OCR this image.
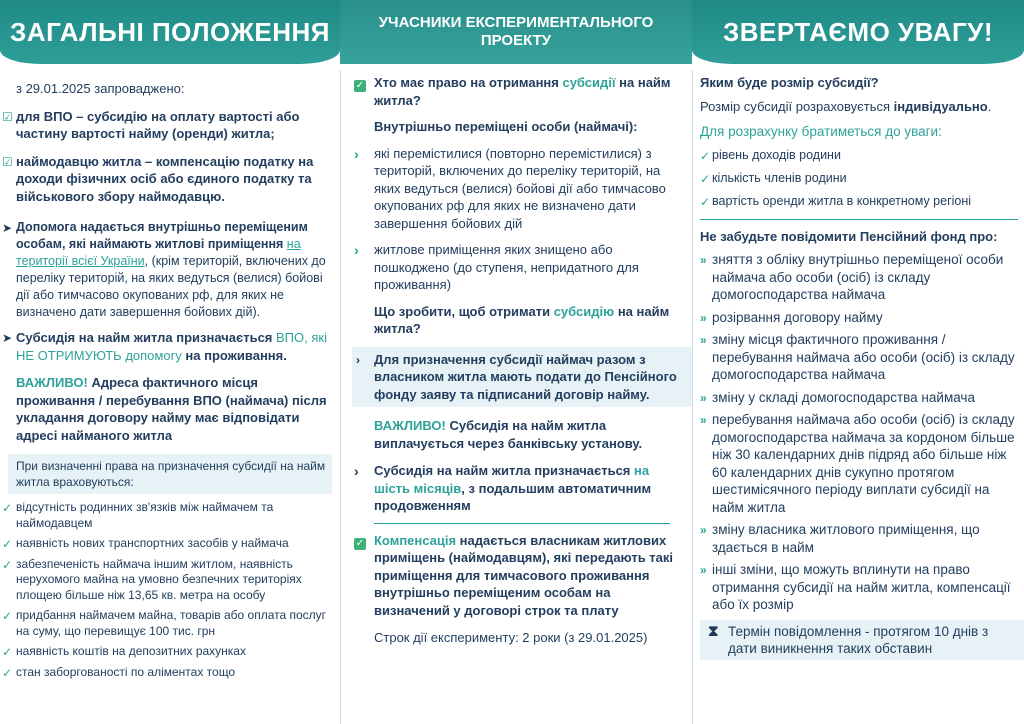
ЗАГАЛЬНІ ПОЛОЖЕННЯ	УЧАСНИКИ ЕКСПЕРИМЕНТАЛЬНОГО ПРОЕКТУ	ЗВЕРТАЄМО УВАГУ!
з 29.01.2025 запроваджено:
☑ для ВПО – субсидію на оплату вартості або частину вартості найму (оренди) житла;
☑ наймодавцю житла – компенсацію податку на доходи фізичних осіб або єдиного податку та військового збору наймодавцю.
➤ Допомога надається внутрішньо переміщеним особам, які наймають житлові приміщення на території всієї України, (крім територій, включених до переліку територій, на яких ведуться (велися) бойові дії або тимчасово окупованих рф, для яких не визначено дати завершення бойових дій).
➤ Субсидія на найм житла призначається ВПО, які НЕ ОТРИМУЮТЬ допомогу на проживання.
ВАЖЛИВО! Адреса фактичного місця проживання / перебування ВПО (наймача) після укладання договору найму має відповідати адресі найманого житла
При визначенні права на призначення субсидії на найм житла враховуються:
✓ відсутність родинних зв'язків між наймачем та наймодавцем
✓ наявність нових транспортних засобів у наймача
✓ забезпеченість наймача іншим житлом, наявність нерухомого майна на умовно безпечних територіях площею більше ніж 13,65 кв. метра на особу
✓ придбання наймачем майна, товарів або оплата послуг на суму, що перевищує 100 тис. грн
✓ наявність коштів на депозитних рахунках
✓ стан заборгованості по аліментах тощо
✓ Хто має право на отримання субсидії на найм житла?
Внутрішньо переміщені особи (наймачі):
› які перемістилися (повторно перемістилися) з територій, включених до переліку територій, на яких ведуться (велися) бойові дії або тимчасово окупованих рф для яких не визначено дати завершення бойових дій
› житлове приміщення яких знищено або пошкоджено (до ступеня, непридатного для проживання)
Що зробити, щоб отримати субсидію на найм житла?
› Для призначення субсидії наймач разом з власником житла мають подати до Пенсійного фонду заяву та підписаний договір найму.
ВАЖЛИВО! Субсидія на найм житла виплачується через банківську установу.
› Субсидія на найм житла призначається на шість місяців, з подальшим автоматичним продовженням
✓ Компенсація надається власникам житлових приміщень (наймодавцям), які передають такі приміщення для тимчасового проживання внутрішньо переміщеним особам на визначений у договорі строк та плату
Строк дії експерименту: 2 роки (з 29.01.2025)
Яким буде розмір субсидії?
Розмір субсидії розраховується індивідуально.
Для розрахунку братиметься до уваги:
✓ рівень доходів родини
✓ кількість членів родини
✓ вартість оренди житла в конкретному регіоні
Не забудьте повідомити Пенсійний фонд про:
» зняття з обліку внутрішньо переміщеної особи наймача або особи (осіб) із складу домогосподарства наймача
» розірвання договору найму
» зміну місця фактичного проживання / перебування наймача або особи (осіб) із складу домогосподарства наймача
» зміну у складі домогосподарства наймача
» перебування наймача або особи (осіб) із складу домогосподарства наймача за кордоном більше ніж 30 календарних днів підряд або більше ніж 60 календарних днів сукупно протягом шестимісячного періоду виплати субсидії на найм житла
» зміну власника житлового приміщення, що здається в найм
» інші зміни, що можуть вплинути на право отримання субсидії на найм житла, компенсації або їх розмір
⧗ Термін повідомлення - протягом 10 днів з дати виникнення таких обставин
